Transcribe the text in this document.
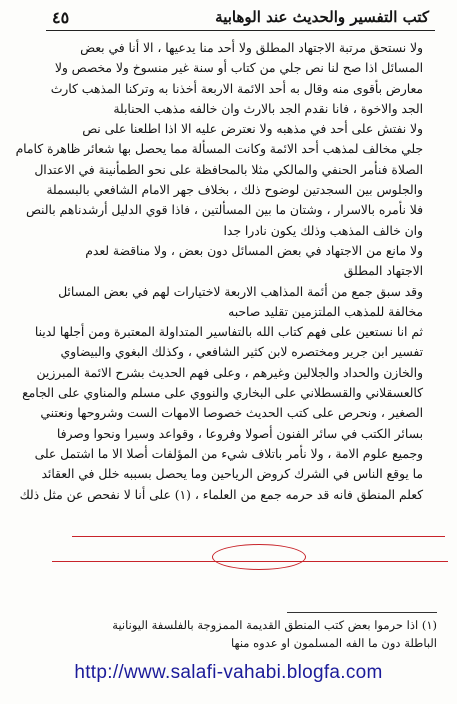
كتب التفسير والحديث عند الوهابية
٤٥

ولا نستحق مرتبة الاجتهاد المطلق ولا أحد منا يدعيها ، الا أنا في بعض
المسائل اذا صح لنا نص جلي من كتاب أو سنة غير منسوخ ولا مخصص ولا
معارض بأقوى منه وقال به أحد الائمة الاربعة أخذنا به وتركنا المذهب كارث
الجد والاخوة ، فانا نقدم الجد بالارث وان خالفه مذهب الحنابلة

ولا نفتش على أحد في مذهبه ولا نعترض عليه الا اذا اطلعنا على نص
جلي مخالف لمذهب أحد الائمة وكانت المسألة مما يحصل بها شعائر ظاهرة كامام
الصلاة فنأمر الحنفي والمالكي مثلا بالمحافظة على نحو الطمأنينة في الاعتدال
والجلوس بين السجدتين لوضوح ذلك ، بخلاف جهر الامام الشافعي بالبسملة
فلا نأمره بالاسرار ، وشتان ما بين المسألتين ، فاذا قوي الدليل أرشدناهم بالنص
وان خالف المذهب وذلك يكون نادرا جدا

ولا مانع من الاجتهاد في بعض المسائل دون بعض ، ولا مناقضة لعدم
الاجتهاد المطلق

وقد سبق جمع من أئمة المذاهب الاربعة لاختيارات لهم في بعض المسائل
مخالفة للمذهب الملتزمين تقليد صاحبه

ثم انا نستعين على فهم كتاب الله بالتفاسير المتداولة المعتبرة ومن أجلها لدينا
تفسير ابن جرير ومختصره لابن كثير الشافعي ، وكذلك البغوي والبيضاوي
والخازن والحداد والجلالين وغيرهم ، وعلى فهم الحديث بشرح الائمة المبرزين
كالعسقلاني والقسطلاني على البخاري والنووي على مسلم والمناوي على الجامع
الصغير ، ونحرص على كتب الحديث خصوصا الامهات الست وشروحها ونعتني
بسائر الكتب في سائر الفنون أصولا وفروعا ، وقواعد وسيرا ونحوا وصرفا
وجميع علوم الامة ، ولا نأمر باتلاف شيء من المؤلفات أصلا الا ما اشتمل على
ما يوقع الناس في الشرك كروض الرياحين وما يحصل بسببه خلل في العقائد
كعلم المنطق فانه قد حرمه جمع من العلماء ، (١) على أنا لا نفحص عن مثل ذلك

(١) اذا حرموا بعض كتب المنطق القديمة الممزوجة بالفلسفة اليونانية
الباطلة دون ما الفه المسلمون او عدوه منها
http://www.salafi-vahabi.blogfa.com
